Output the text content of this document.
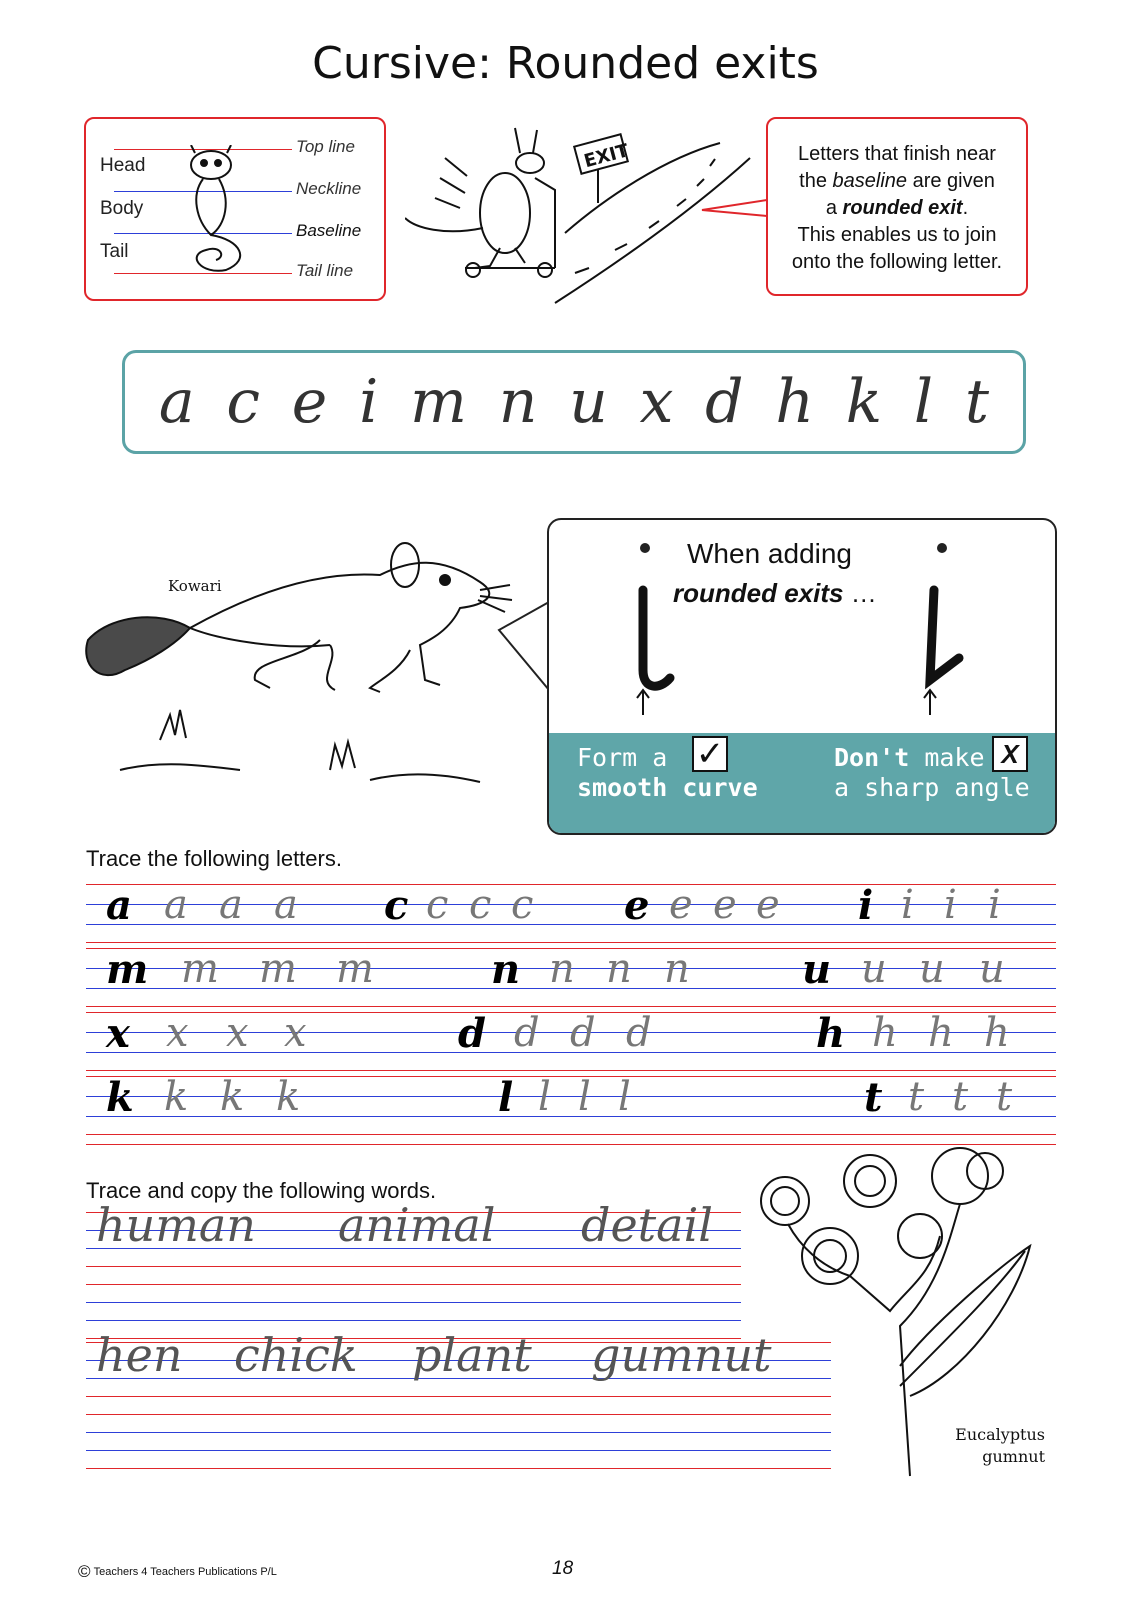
Cursive: Rounded exits
Head
Body
Tail
Top line
Neckline
Baseline
Tail line
EXIT	Letters that finish near

the baseline are given

a rounded exit.

This enables us to join

onto the following letter.

a c e i m n u x d h k l t
Kowari
When adding
rounded exits …
Form a
smooth curve
✓	Don't make
a sharp angle
X
Trace the following letters.
a a a a c c c c e e e e i i i i
m m m m	n n n n	u u u u
x x x x	d d d d	h h h h
k k k k	l l l l	t t t t
Trace and copy the following words.
human animal detail
hen chick plant gumnut
Eucalyptus
gumnut
© Teachers 4 Teachers Publications P/L	18
